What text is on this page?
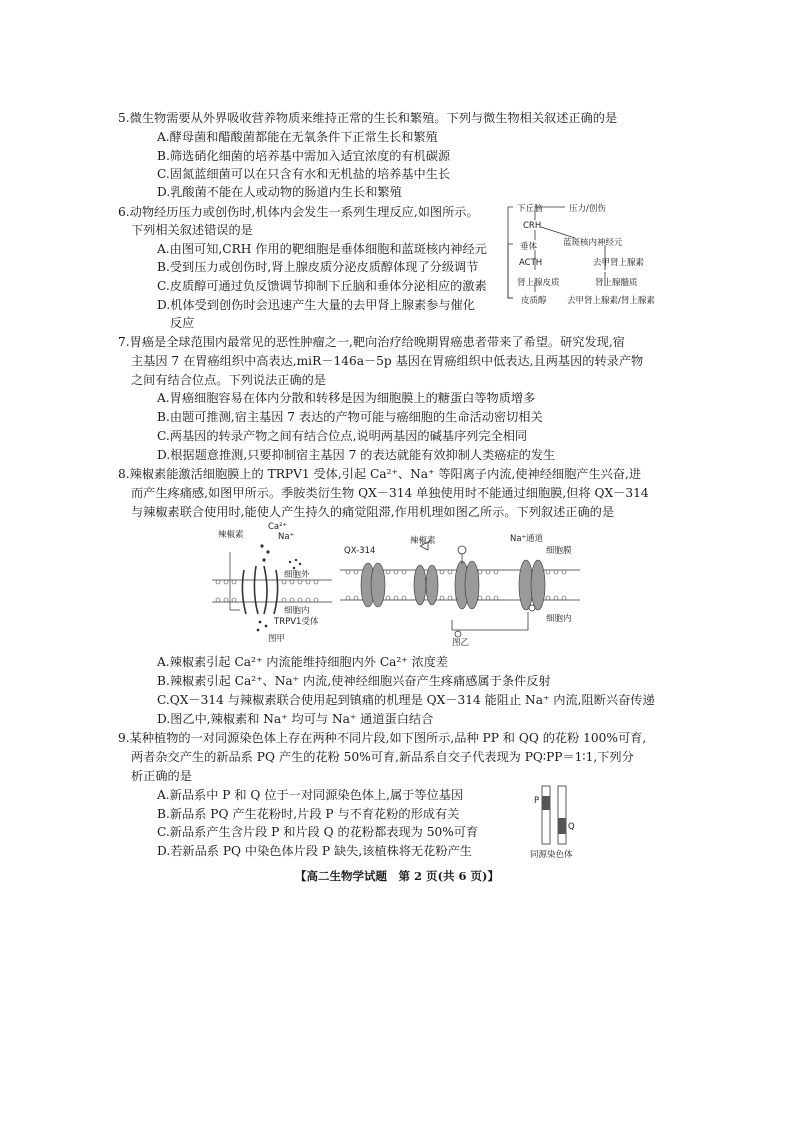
5.微生物需要从外界吸收营养物质来维持正常的生长和繁殖。下列与微生物相关叙述正确的是
A.酵母菌和醋酸菌都能在无氧条件下正常生长和繁殖
B.筛选硝化细菌的培养基中需加入适宜浓度的有机碳源
C.固氮蓝细菌可以在只含有水和无机盐的培养基中生长
D.乳酸菌不能在人或动物的肠道内生长和繁殖
6.动物经历压力或创伤时,机体内会发生一系列生理反应,如图所示。
下列相关叙述错误的是
A.由图可知,CRH 作用的靶细胞是垂体细胞和蓝斑核内神经元
B.受到压力或创伤时,肾上腺皮质分泌皮质醇体现了分级调节
C.皮质醇可通过负反馈调节抑制下丘脑和垂体分泌相应的激素
D.机体受到创伤时会迅速产生大量的去甲肾上腺素参与催化
反应
下丘脑	压力/创伤
CRH
垂体	蓝斑核内神经元
ACTH	去甲肾上腺素
肾上腺皮质	肾上腺髓质
皮质醇 去甲肾上腺素/肾上腺素
7.胃癌是全球范围内最常见的恶性肿瘤之一,靶向治疗给晚期胃癌患者带来了希望。研究发现,宿
主基因 7 在胃癌组织中高表达,miR－146a－5p 基因在胃癌组织中低表达,且两基因的转录产物
之间有结合位点。下列说法正确的是
A.胃癌细胞容易在体内分散和转移是因为细胞膜上的糖蛋白等物质增多
B.由题可推测,宿主基因 7 表达的产物可能与癌细胞的生命活动密切相关
C.两基因的转录产物之间有结合位点,说明两基因的碱基序列完全相同
D.根据题意推测,只要抑制宿主基因 7 的表达就能有效抑制人类癌症的发生
8.辣椒素能激活细胞膜上的 TRPV1 受体,引起 Ca²⁺、Na⁺ 等阳离子内流,使神经细胞产生兴奋,进
而产生疼痛感,如图甲所示。季胺类衍生物 QX－314 单独使用时不能通过细胞膜,但将 QX－314
与辣椒素联合使用时,能使人产生持久的痛觉阻滞,作用机理如图乙所示。下列叙述正确的是
辣椒素
Ca²⁺
Na⁺
细胞外
细胞内
TRPV1受体
图甲
QX-314
辣椒素	Na⁺通道
细胞膜
细胞内
图乙
A.辣椒素引起 Ca²⁺ 内流能维持细胞内外 Ca²⁺ 浓度差
B.辣椒素引起 Ca²⁺、Na⁺ 内流,使神经细胞兴奋产生疼痛感属于条件反射
C.QX－314 与辣椒素联合使用起到镇痛的机理是 QX－314 能阻止 Na⁺ 内流,阻断兴奋传递
D.图乙中,辣椒素和 Na⁺ 均可与 Na⁺ 通道蛋白结合
9.某种植物的一对同源染色体上存在两种不同片段,如下图所示,品种 PP 和 QQ 的花粉 100%可育,
两者杂交产生的新品系 PQ 产生的花粉 50%可育,新品系自交子代表现为 PQ∶PP＝1∶1,下列分
析正确的是
A.新品系中 P 和 Q 位于一对同源染色体上,属于等位基因
B.新品系 PQ 产生花粉时,片段 P 与不育花粉的形成有关
C.新品系产生含片段 P 和片段 Q 的花粉都表现为 50%可育
D.若新品系 PQ 中染色体片段 P 缺失,该植株将无花粉产生
P
Q
同源染色体
【高二生物学试题　第 2 页(共 6 页)】
